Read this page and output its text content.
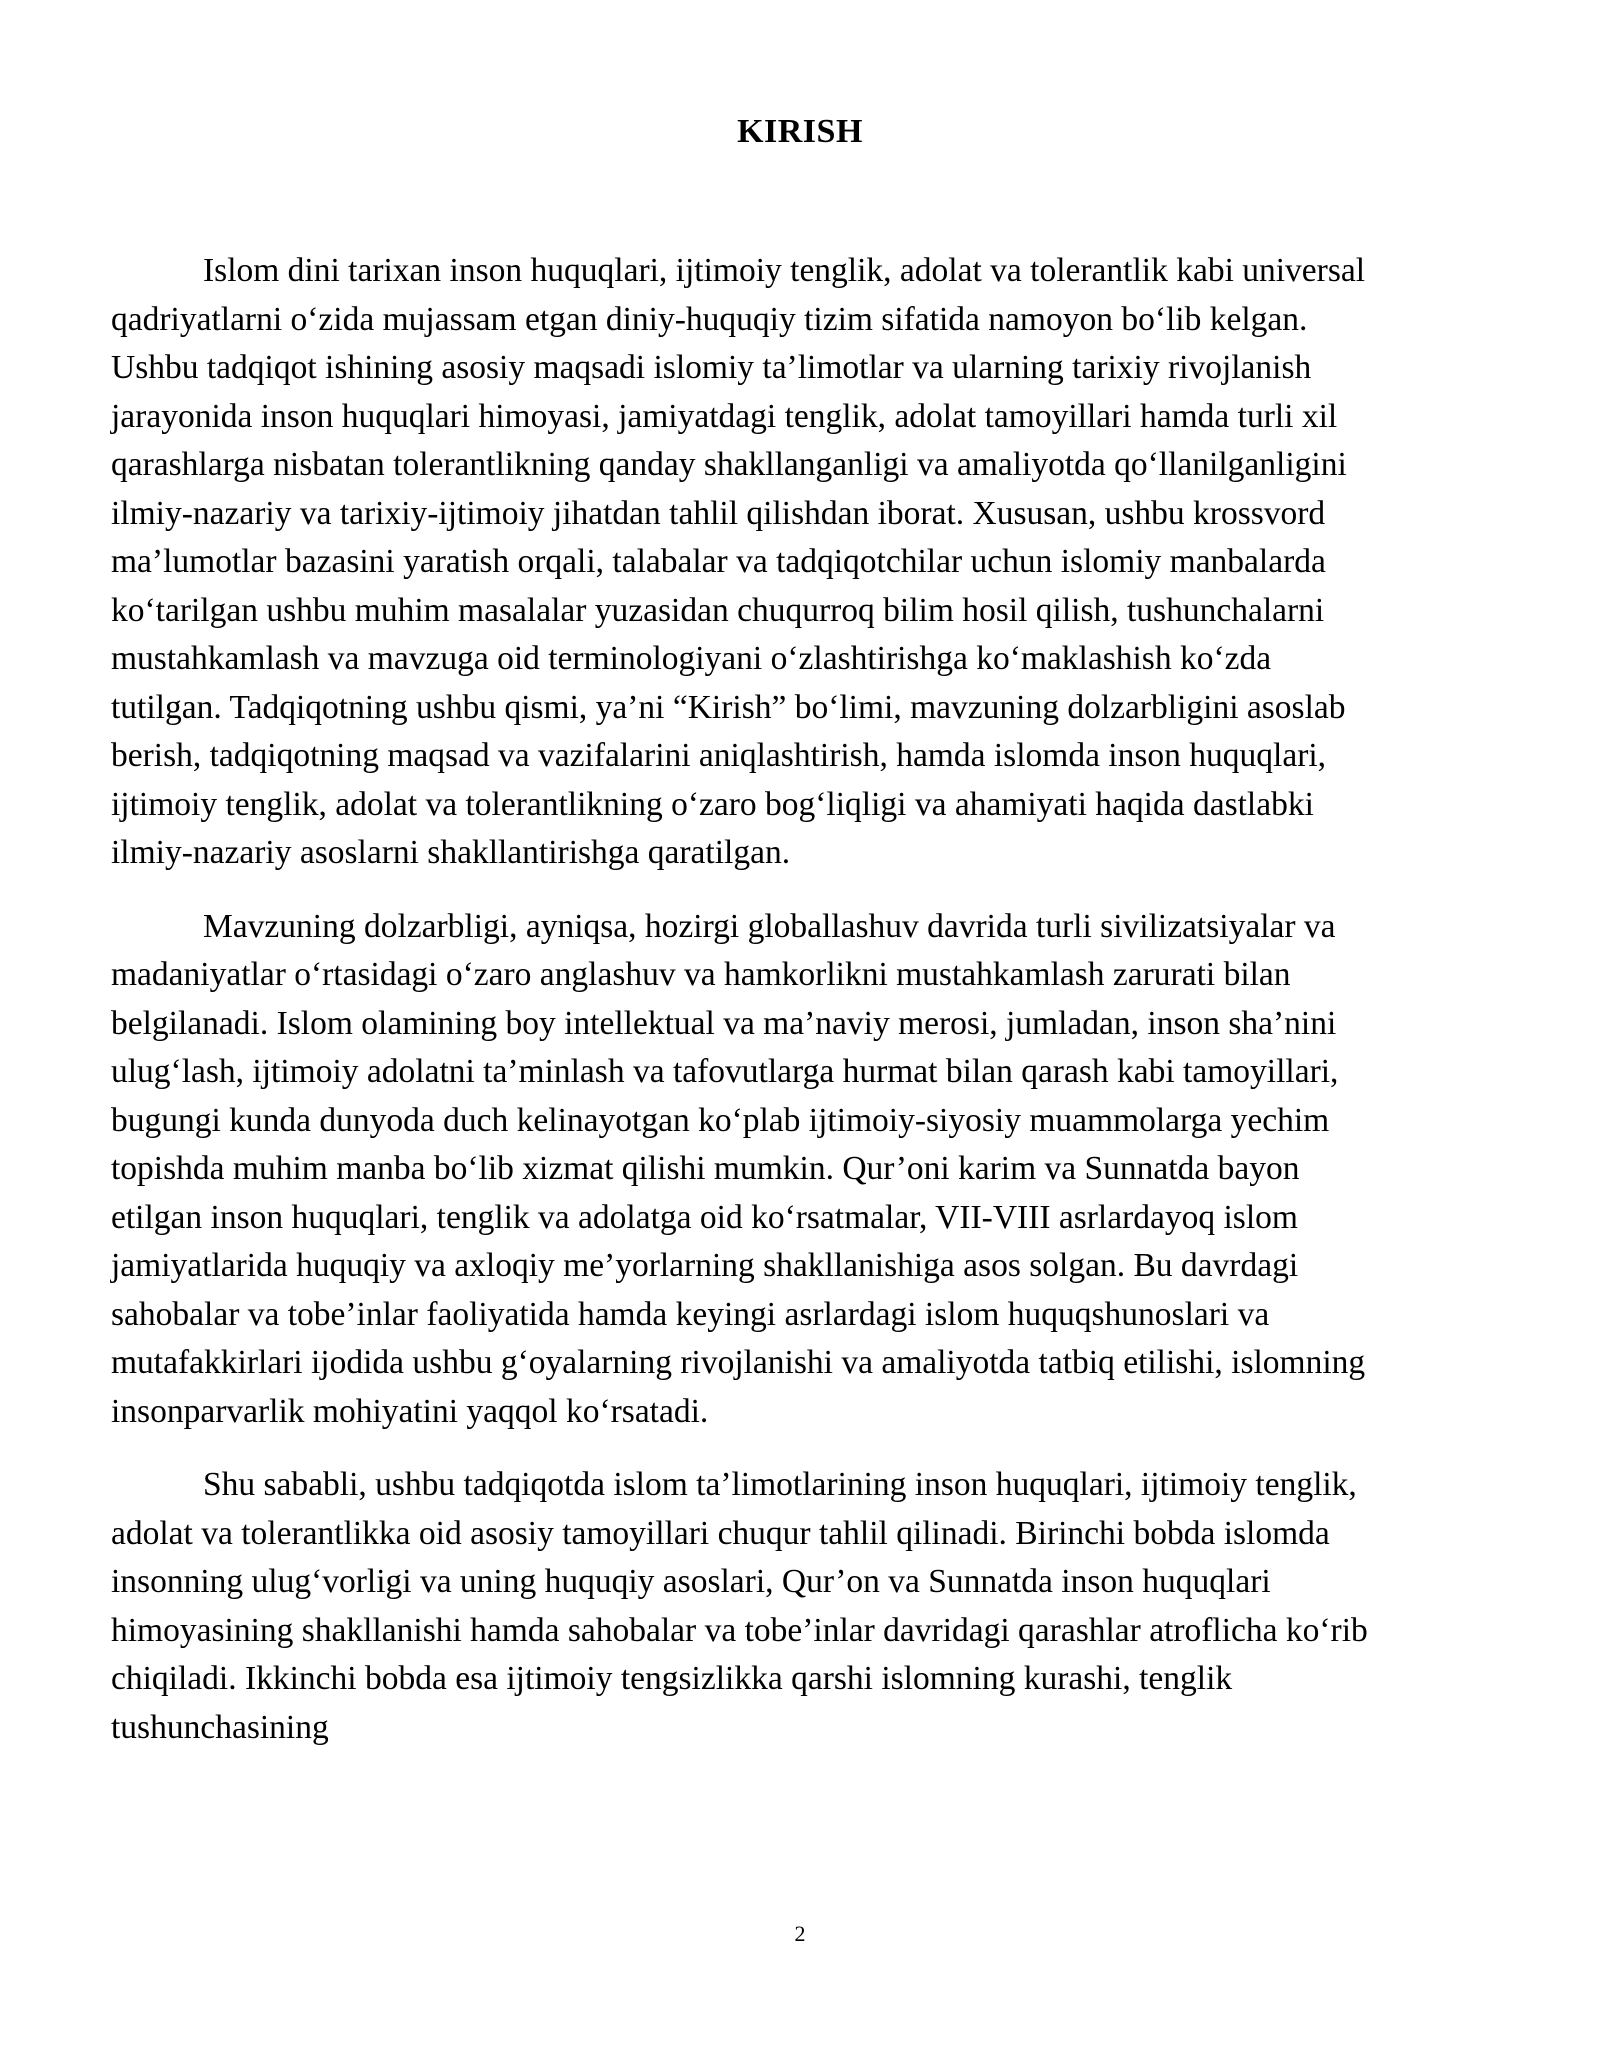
KIRISH

Islom dini tarixan inson huquqlari, ijtimoiy tenglik, adolat va tolerantlik kabi universal
qadriyatlarni o‘zida mujassam etgan diniy-huquqiy tizim sifatida namoyon bo‘lib kelgan.
Ushbu tadqiqot ishining asosiy maqsadi islomiy ta’limotlar va ularning tarixiy rivojlanish
jarayonida inson huquqlari himoyasi, jamiyatdagi tenglik, adolat tamoyillari hamda turli xil
qarashlarga nisbatan tolerantlikning qanday shakllanganligi va amaliyotda qo‘llanilganligini
ilmiy-nazariy va tarixiy-ijtimoiy jihatdan tahlil qilishdan iborat. Xususan, ushbu krossvord
ma’lumotlar bazasini yaratish orqali, talabalar va tadqiqotchilar uchun islomiy manbalarda
ko‘tarilgan ushbu muhim masalalar yuzasidan chuqurroq bilim hosil qilish, tushunchalarni
mustahkamlash va mavzuga oid terminologiyani o‘zlashtirishga ko‘maklashish ko‘zda
tutilgan. Tadqiqotning ushbu qismi, ya’ni “Kirish” bo‘limi, mavzuning dolzarbligini asoslab
berish, tadqiqotning maqsad va vazifalarini aniqlashtirish, hamda islomda inson huquqlari,
ijtimoiy tenglik, adolat va tolerantlikning o‘zaro bog‘liqligi va ahamiyati haqida dastlabki
ilmiy-nazariy asoslarni shakllantirishga qaratilgan.

Mavzuning dolzarbligi, ayniqsa, hozirgi globallashuv davrida turli sivilizatsiyalar va
madaniyatlar o‘rtasidagi o‘zaro anglashuv va hamkorlikni mustahkamlash zarurati bilan
belgilanadi. Islom olamining boy intellektual va ma’naviy merosi, jumladan, inson sha’nini
ulug‘lash, ijtimoiy adolatni ta’minlash va tafovutlarga hurmat bilan qarash kabi tamoyillari,
bugungi kunda dunyoda duch kelinayotgan ko‘plab ijtimoiy-siyosiy muammolarga yechim
topishda muhim manba bo‘lib xizmat qilishi mumkin. Qur’oni karim va Sunnatda bayon
etilgan inson huquqlari, tenglik va adolatga oid ko‘rsatmalar, VII-VIII asrlardayoq islom
jamiyatlarida huquqiy va axloqiy me’yorlarning shakllanishiga asos solgan. Bu davrdagi
sahobalar va tobe’inlar faoliyatida hamda keyingi asrlardagi islom huquqshunoslari va
mutafakkirlari ijodida ushbu g‘oyalarning rivojlanishi va amaliyotda tatbiq etilishi, islomning
insonparvarlik mohiyatini yaqqol ko‘rsatadi.

Shu sababli, ushbu tadqiqotda islom ta’limotlarining inson huquqlari, ijtimoiy tenglik,
adolat va tolerantlikka oid asosiy tamoyillari chuqur tahlil qilinadi. Birinchi bobda islomda
insonning ulug‘vorligi va uning huquqiy asoslari, Qur’on va Sunnatda inson huquqlari
himoyasining shakllanishi hamda sahobalar va tobe’inlar davridagi qarashlar atroflicha ko‘rib
chiqiladi. Ikkinchi bobda esa ijtimoiy tengsizlikka qarshi islomning kurashi, tenglik
tushunchasining

2
